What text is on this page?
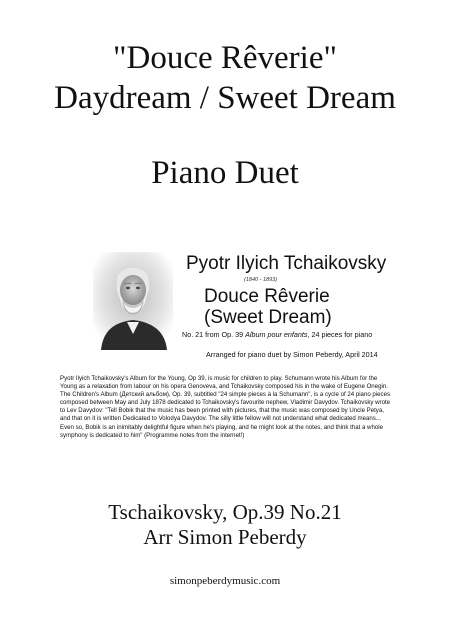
"Douce Rêverie"
Daydream / Sweet Dream
Piano Duet
Pyotr Ilyich Tchaikovsky
(1840 - 1893)
Douce Rêverie
(Sweet Dream)
No. 21 from Op. 39 Album pour enfants, 24 pieces for piano
Arranged for piano duet by Simon Peberdy, April 2014

Pyotr Ilyich Tchaikovsky's Album for the Young, Op 39, is music for children to play. Schumann wrote his Album for the Young as a relaxation from labour on his opera Genoveva, and Tchaikovsky composed his in the wake of Eugene Onegin.

The Children's Album (Детский альбом), Op. 39, subtitled "24 simple pieces à la Schumann", is a cycle of 24 piano pieces composed between May and July 1878 dedicated to Tchaikovsky's favourite nephew, Vladimir Davydov. Tchaikovsky wrote to Lev Davydov: "Tell Bobik that the music has been printed with pictures, that the music was composed by Uncle Petya, and that on it is written Dedicated to Volodya Davydov. The silly little fellow will not understand what dedicated means... Even so, Bobik is an inimitably delightful figure when he's playing, and he might look at the notes, and think that a whole symphony is dedicated to him" (Programme notes from the internet!)

Tschaikovsky, Op.39 No.21
Arr Simon Peberdy
simonpeberdymusic.com
